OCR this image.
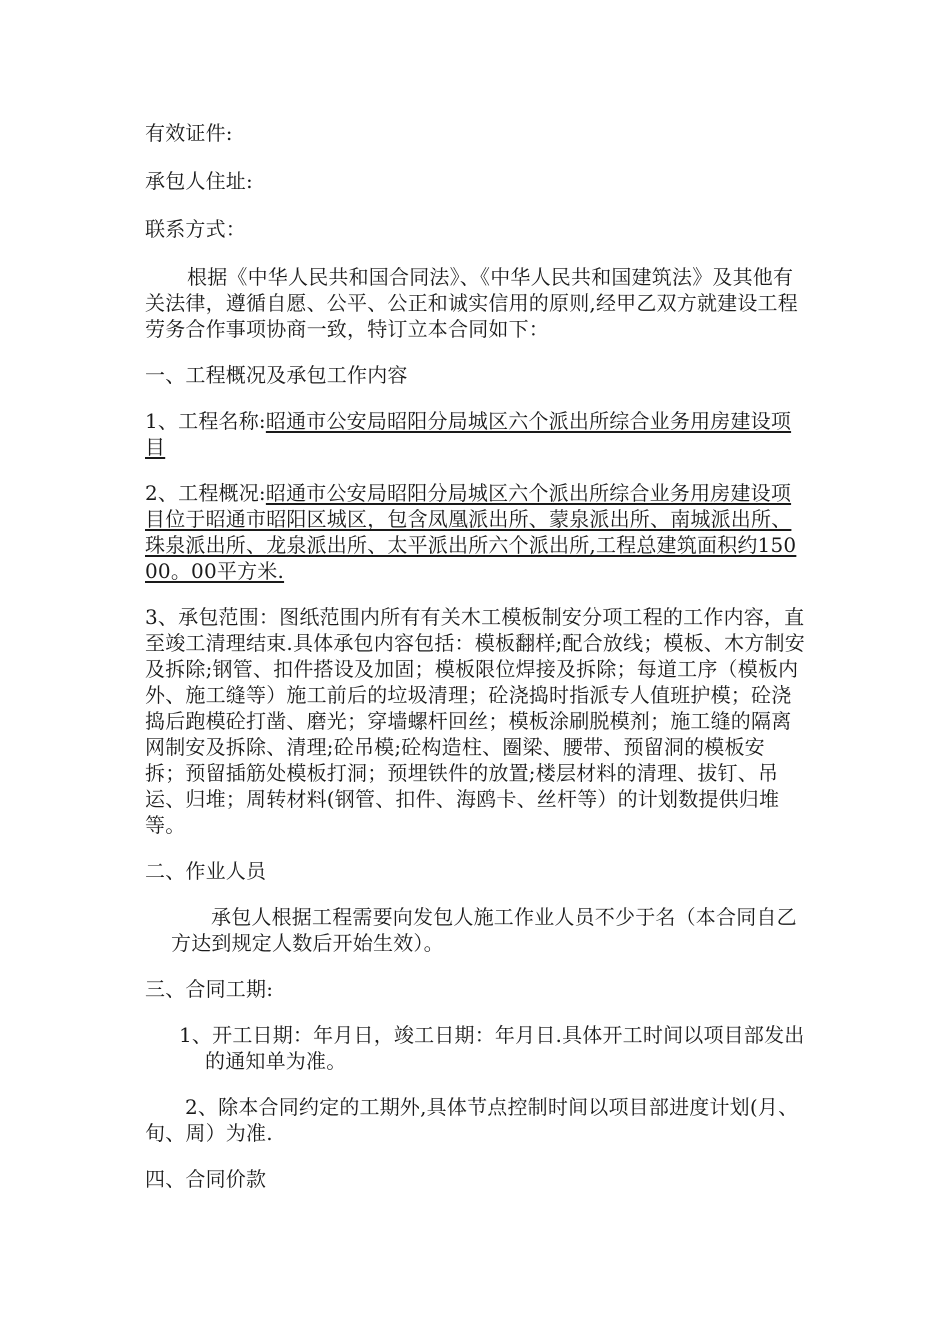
有效证件:

承包人住址:

联系方式：

根据《中华人民共和国合同法》、《中华人民共和国建筑法》及其他有关法律，遵循自愿、公平、公正和诚实信用的原则,经甲乙双方就建设工程劳务合作事项协商一致，特订立本合同如下：

一、工程概况及承包工作内容

1、工程名称:昭通市公安局昭阳分局城区六个派出所综合业务用房建设项目

2、工程概况:昭通市公安局昭阳分局城区六个派出所综合业务用房建设项目位于昭通市昭阳区城区，包含凤凰派出所、蒙泉派出所、南城派出所、珠泉派出所、龙泉派出所、太平派出所六个派出所,工程总建筑面积约15000。00平方米.

3、承包范围：图纸范围内所有有关木工模板制安分项工程的工作内容，直至竣工清理结束.具体承包内容包括：模板翻样;配合放线；模板、木方制安及拆除;钢管、扣件搭设及加固；模板限位焊接及拆除；每道工序（模板内外、施工缝等）施工前后的垃圾清理；砼浇捣时指派专人值班护模；砼浇捣后跑模砼打凿、磨光；穿墙螺杆回丝；模板涂刷脱模剂；施工缝的隔离网制安及拆除、清理;砼吊模;砼构造柱、圈梁、腰带、预留洞的模板安拆；预留插筋处模板打洞；预埋铁件的放置;楼层材料的清理、拔钉、吊运、归堆；周转材料(钢管、扣件、海鸥卡、丝杆等）的计划数提供归堆等。

二、作业人员

承包人根据工程需要向发包人施工作业人员不少于名（本合同自乙方达到规定人数后开始生效）。

三、合同工期:

1、开工日期：年月日，竣工日期：年月日.具体开工时间以项目部发出的通知单为准。

2、除本合同约定的工期外,具体节点控制时间以项目部进度计划(月、旬、周）为准.

四、合同价款
